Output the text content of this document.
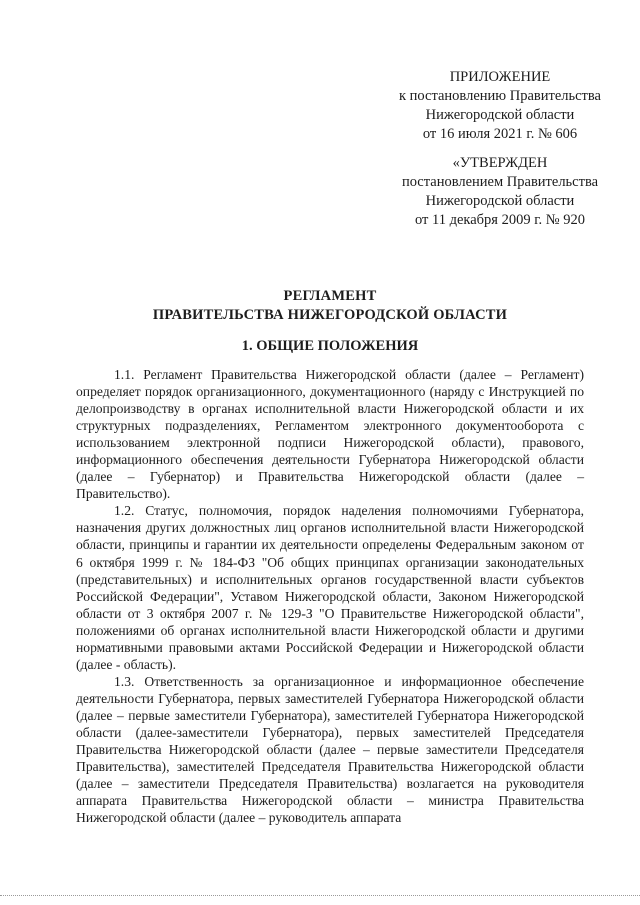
ПРИЛОЖЕНИЕ
к постановлению Правительства
Нижегородской области
от 16 июля 2021 г. № 606
«УТВЕРЖДЕН
постановлением Правительства
Нижегородской области
от 11 декабря 2009 г. № 920
РЕГЛАМЕНТ
ПРАВИТЕЛЬСТВА НИЖЕГОРОДСКОЙ ОБЛАСТИ
1. ОБЩИЕ ПОЛОЖЕНИЯ

1.1. Регламент Правительства Нижегородской области (далее – Регламент) определяет порядок организационного, документационного (наряду с Инструкцией по делопроизводству в органах исполнительной власти Нижегородской области и их структурных подразделениях, Регламентом электронного документооборота с использованием электронной подписи Нижегородской области), правового, информационного обеспечения деятельности Губернатора Нижегородской области (далее – Губернатор) и Правительства Нижегородской области (далее – Правительство).

1.2. Статус, полномочия, порядок наделения полномочиями Губернатора, назначения других должностных лиц органов исполнительной власти Нижегородской области, принципы и гарантии их деятельности определены Федеральным законом от 6 октября 1999 г. № 184-ФЗ "Об общих принципах организации законодательных (представительных) и исполнительных органов государственной власти субъектов Российской Федерации", Уставом Нижегородской области, Законом Нижегородской области от 3 октября 2007 г. № 129-З "О Правительстве Нижегородской области", положениями об органах исполнительной власти Нижегородской области и другими нормативными правовыми актами Российской Федерации и Нижегородской области (далее - область).

1.3. Ответственность за организационное и информационное обеспечение деятельности Губернатора, первых заместителей Губернатора Нижегородской области (далее – первые заместители Губернатора), заместителей Губернатора Нижегородской области (далее-заместители Губернатора), первых заместителей Председателя Правительства Нижегородской области (далее – первые заместители Председателя Правительства), заместителей Председателя Правительства Нижегородской области (далее – заместители Председателя Правительства) возлагается на руководителя аппарата Правительства Нижегородской области – министра Правительства Нижегородской области (далее – руководитель аппарата
